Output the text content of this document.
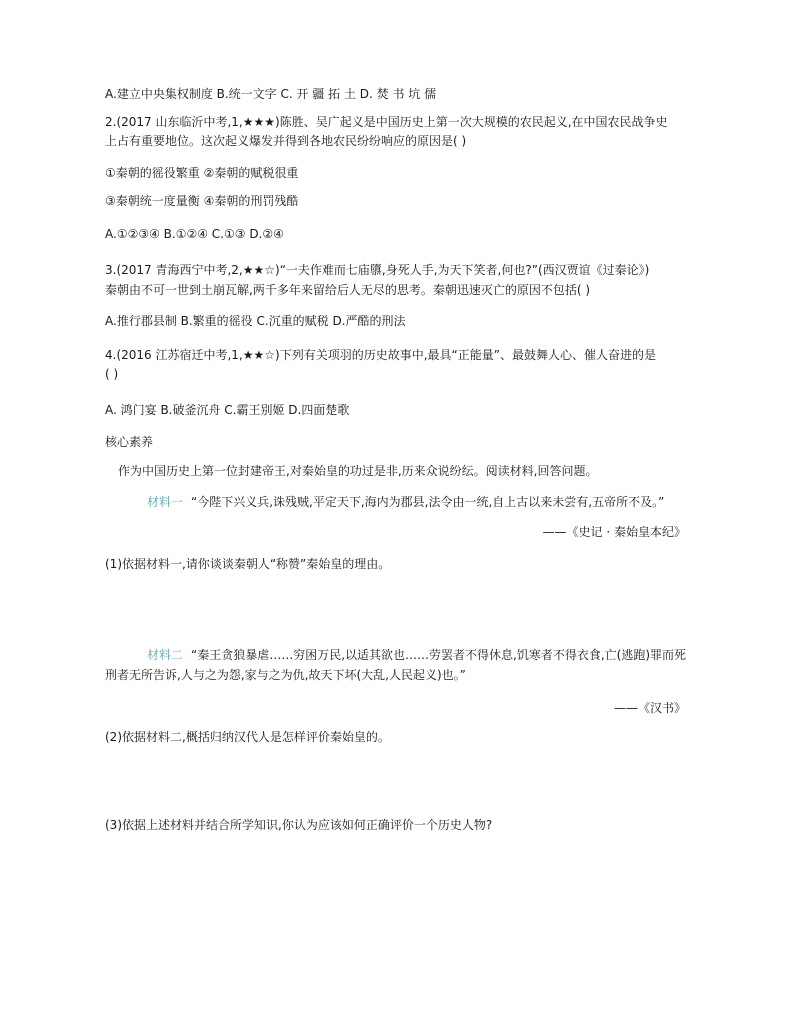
A.建立中央集权制度 B.统一文字 C. 开 疆 拓 土 D. 焚 书 坑 儒
2.(2017 山东临沂中考,1,★★★)陈胜、吴广起义是中国历史上第一次大规模的农民起义,在中国农民战争史
上占有重要地位。这次起义爆发并得到各地农民纷纷响应的原因是( )
①秦朝的徭役繁重 ②秦朝的赋税很重
③秦朝统一度量衡 ④秦朝的刑罚残酷
A.①②③④ B.①②④ C.①③ D.②④
3.(2017 青海西宁中考,2,★★☆)“一夫作难而七庙隳,身死人手,为天下笑者,何也?”(西汉贾谊《过秦论》)
秦朝由不可一世到土崩瓦解,两千多年来留给后人无尽的思考。秦朝迅速灭亡的原因不包括( )
A.推行郡县制 B.繁重的徭役 C.沉重的赋税 D.严酷的刑法
4.(2016 江苏宿迁中考,1,★★☆)下列有关项羽的历史故事中,最具“正能量”、最鼓舞人心、催人奋进的是
( )
A. 鸿门宴 B.破釜沉舟 C.霸王别姬 D.四面楚歌
核心素养
作为中国历史上第一位封建帝王,对秦始皇的功过是非,历来众说纷纭。阅读材料,回答问题。
材料一 “今陛下兴义兵,诛残贼,平定天下,海内为郡县,法令由一统,自上古以来未尝有,五帝所不及。”
——《史记 · 秦始皇本纪》
(1)依据材料一,请你谈谈秦朝人“称赞”秦始皇的理由。
材料二 “秦王贪狼暴虐……穷困万民,以适其欲也……劳罢者不得休息,饥寒者不得衣食,亡(逃跑)罪而死
刑者无所告诉,人与之为怨,家与之为仇,故天下坏(大乱,人民起义)也。”
——《汉书》
(2)依据材料二,概括归纳汉代人是怎样评价秦始皇的。
(3)依据上述材料并结合所学知识,你认为应该如何正确评价一个历史人物?
